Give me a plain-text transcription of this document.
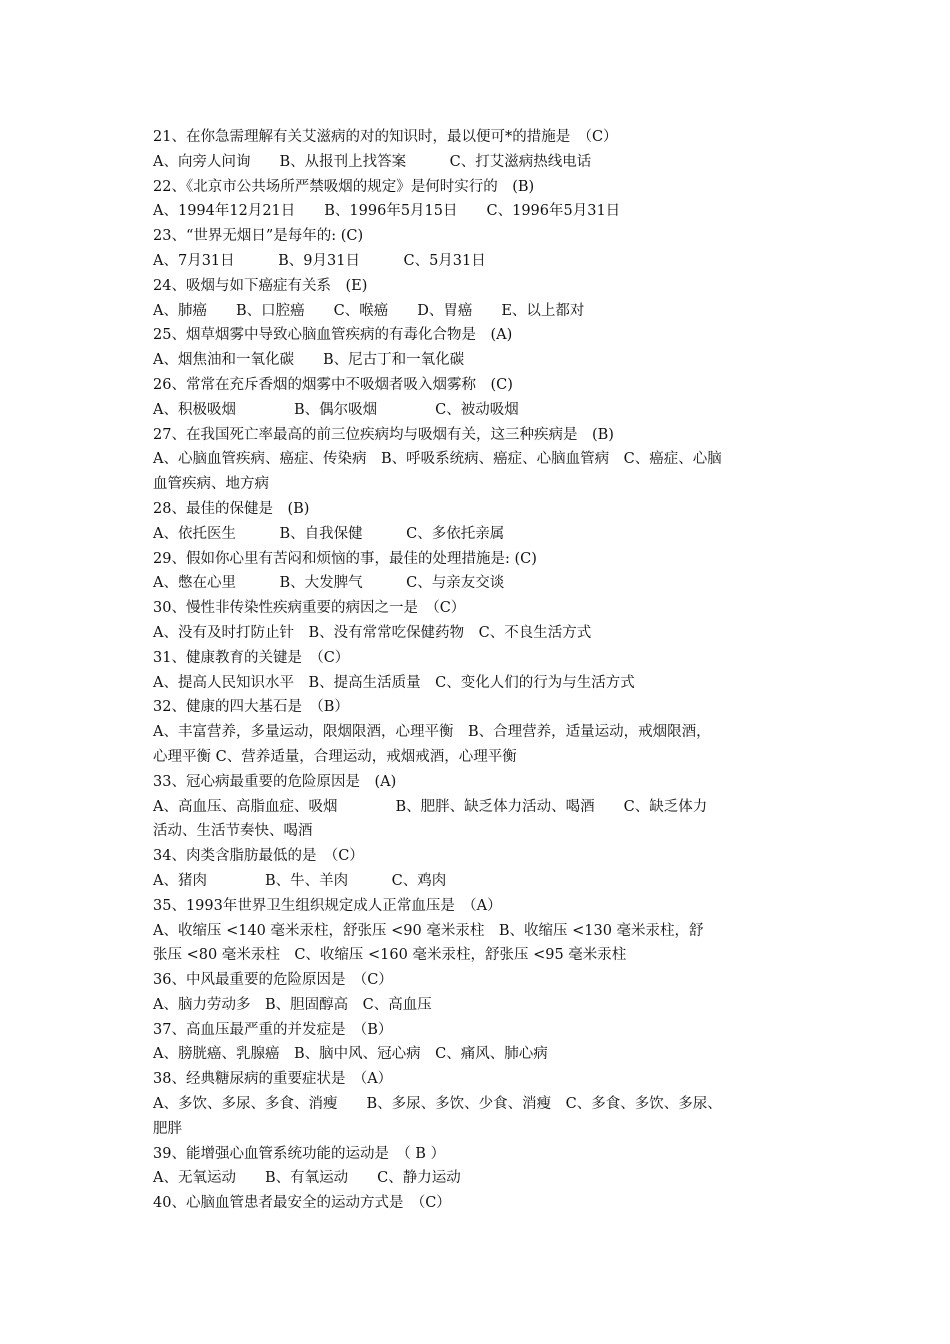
21、在你急需理解有关艾滋病的对的知识时，最以便可*的措施是　（C）
A、向旁人问询　　B、从报刊上找答案　　　C、打艾滋病热线电话
22、《北京市公共场所严禁吸烟的规定》是何时实行的　(B)
A、1994年12月21日　　B、1996年5月15日　　C、1996年5月31日
23、“世界无烟日”是每年的: (C)
A、7月31日　　　B、9月31日　　　C、5月31日
24、吸烟与如下癌症有关系　(E)
A、肺癌　　B、口腔癌　　C、喉癌　　D、胃癌　　E、以上都对
25、烟草烟雾中导致心脑血管疾病的有毒化合物是　(A)
A、烟焦油和一氧化碳　　B、尼古丁和一氧化碳
26、常常在充斥香烟的烟雾中不吸烟者吸入烟雾称　(C)
A、积极吸烟　　　　B、偶尔吸烟　　　　C、被动吸烟
27、在我国死亡率最高的前三位疾病均与吸烟有关，这三种疾病是　(B)
A、心脑血管疾病、癌症、传染病　B、呼吸系统病、癌症、心脑血管病　C、癌症、心脑
血管疾病、地方病
28、最佳的保健是　(B)
A、依托医生　　　B、自我保健　　　C、多依托亲属
29、假如你心里有苦闷和烦恼的事，最佳的处理措施是: (C)
A、憋在心里　　　B、大发脾气　　　C、与亲友交谈
30、慢性非传染性疾病重要的病因之一是　（C）
A、没有及时打防止针　B、没有常常吃保健药物　C、不良生活方式
31、健康教育的关键是　（C）
A、提高人民知识水平　B、提高生活质量　C、变化人们的行为与生活方式
32、健康的四大基石是　（B）
A、丰富营养，多量运动，限烟限酒，心理平衡　B、合理营养，适量运动，戒烟限酒，
心理平衡 C、营养适量，合理运动，戒烟戒酒，心理平衡
33、冠心病最重要的危险原因是　(A)
A、高血压、高脂血症、吸烟　　　　B、肥胖、缺乏体力活动、喝酒　　C、缺乏体力
活动、生活节奏快、喝酒
34、肉类含脂肪最低的是　（C）
A、猪肉　　　　B、牛、羊肉　　　C、鸡肉
35、1993年世界卫生组织规定成人正常血压是　（A）
A、收缩压 <140 毫米汞柱，舒张压 <90 毫米汞柱　B、收缩压 <130 毫米汞柱，舒
张压 <80 毫米汞柱　C、收缩压 <160 毫米汞柱，舒张压 <95 毫米汞柱
36、中风最重要的危险原因是　（C）
A、脑力劳动多　B、胆固醇高　C、高血压
37、高血压最严重的并发症是　（B）
A、膀胱癌、乳腺癌　B、脑中风、冠心病　C、痛风、肺心病
38、经典糖尿病的重要症状是　（A）
A、多饮、多尿、多食、消瘦　　B、多尿、多饮、少食、消瘦　C、多食、多饮、多尿、
肥胖
39、能增强心血管系统功能的运动是　（ B ）
A、无氧运动　　B、有氧运动　　C、静力运动
40、心脑血管患者最安全的运动方式是　（C）
